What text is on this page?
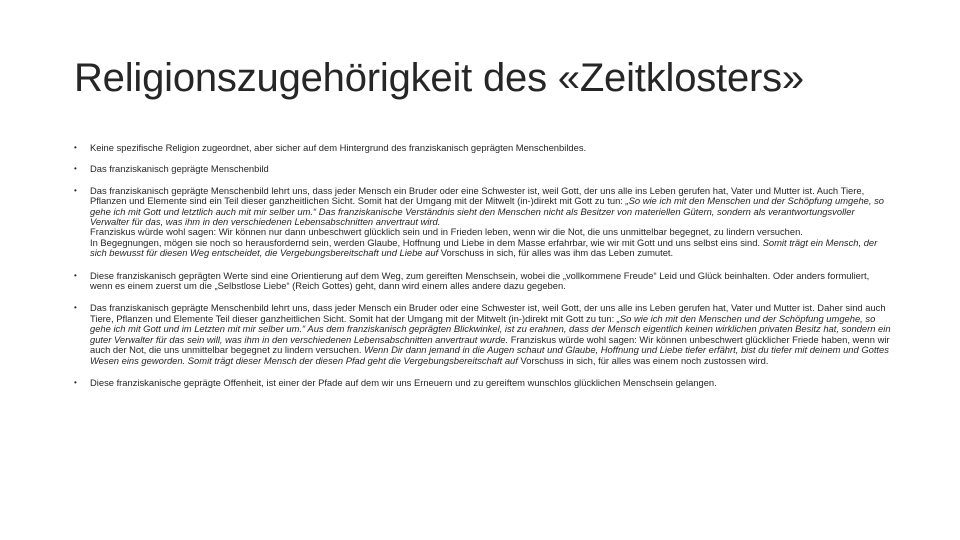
Religionszugehörigkeit des «Zeitklosters»
• Keine spezifische Religion zugeordnet, aber sicher auf dem Hintergrund des franziskanisch geprägten Menschenbildes.
• Das franziskanisch geprägte Menschenbild
• Das franziskanisch geprägte Menschenbild lehrt uns, dass jeder Mensch ein Bruder oder eine Schwester ist, weil Gott, der uns alle ins Leben gerufen hat, Vater und Mutter ist. Auch Tiere, Pflanzen und Elemente sind ein Teil dieser ganzheitlichen Sicht. Somit hat der Umgang mit der Mitwelt (in-)direkt mit Gott zu tun: „So wie ich mit den Menschen und der Schöpfung umgehe, so gehe ich mit Gott und letztlich auch mit mir selber um.“ Das franziskanische Verständnis sieht den Menschen nicht als Besitzer von materiellen Gütern, sondern als verantwortungsvoller Verwalter für das, was ihm in den verschiedenen Lebensabschnitten anvertraut wird.
Franziskus würde wohl sagen: Wir können nur dann unbeschwert glücklich sein und in Frieden leben, wenn wir die Not, die uns unmittelbar begegnet, zu lindern versuchen.
In Begegnungen, mögen sie noch so herausfordernd sein, werden Glaube, Hoffnung und Liebe in dem Masse erfahrbar, wie wir mit Gott und uns selbst eins sind. Somit trägt ein Mensch, der sich bewusst für diesen Weg entscheidet, die Vergebungsbereitschaft und Liebe auf Vorschuss in sich, für alles was ihm das Leben zumutet.
• Diese franziskanisch geprägten Werte sind eine Orientierung auf dem Weg, zum gereiften Menschsein, wobei die „vollkommene Freude“ Leid und Glück beinhalten. Oder anders formuliert, wenn es einem zuerst um die „Selbstlose Liebe“ (Reich Gottes) geht, dann wird einem alles andere dazu gegeben.
• Das franziskanisch geprägte Menschenbild lehrt uns, dass jeder Mensch ein Bruder oder eine Schwester ist, weil Gott, der uns alle ins Leben gerufen hat, Vater und Mutter ist. Daher sind auch Tiere, Pflanzen und Elemente Teil dieser ganzheitlichen Sicht. Somit hat der Umgang mit der Mitwelt (in-)direkt mit Gott zu tun: „So wie ich mit den Menschen und der Schöpfung umgehe, so gehe ich mit Gott und im Letzten mit mir selber um.“ Aus dem franziskanisch geprägten Blickwinkel, ist zu erahnen, dass der Mensch eigentlich keinen wirklichen privaten Besitz hat, sondern ein guter Verwalter für das sein will, was ihm in den verschiedenen Lebensabschnitten anvertraut wurde. Franziskus würde wohl sagen: Wir können unbeschwert glücklicher Friede haben, wenn wir auch der Not, die uns unmittelbar begegnet zu lindern versuchen. Wenn Dir dann jemand in die Augen schaut und Glaube, Hoffnung und Liebe tiefer erfährt, bist du tiefer mit deinem und Gottes Wesen eins geworden. Somit trägt dieser Mensch der diesen Pfad geht die Vergebungsbereitschaft auf Vorschuss in sich, für alles was einem noch zustossen wird.
• Diese franziskanische geprägte Offenheit, ist einer der Pfade auf dem wir uns Erneuern und zu gereiftem wunschlos glücklichen Menschsein gelangen.
